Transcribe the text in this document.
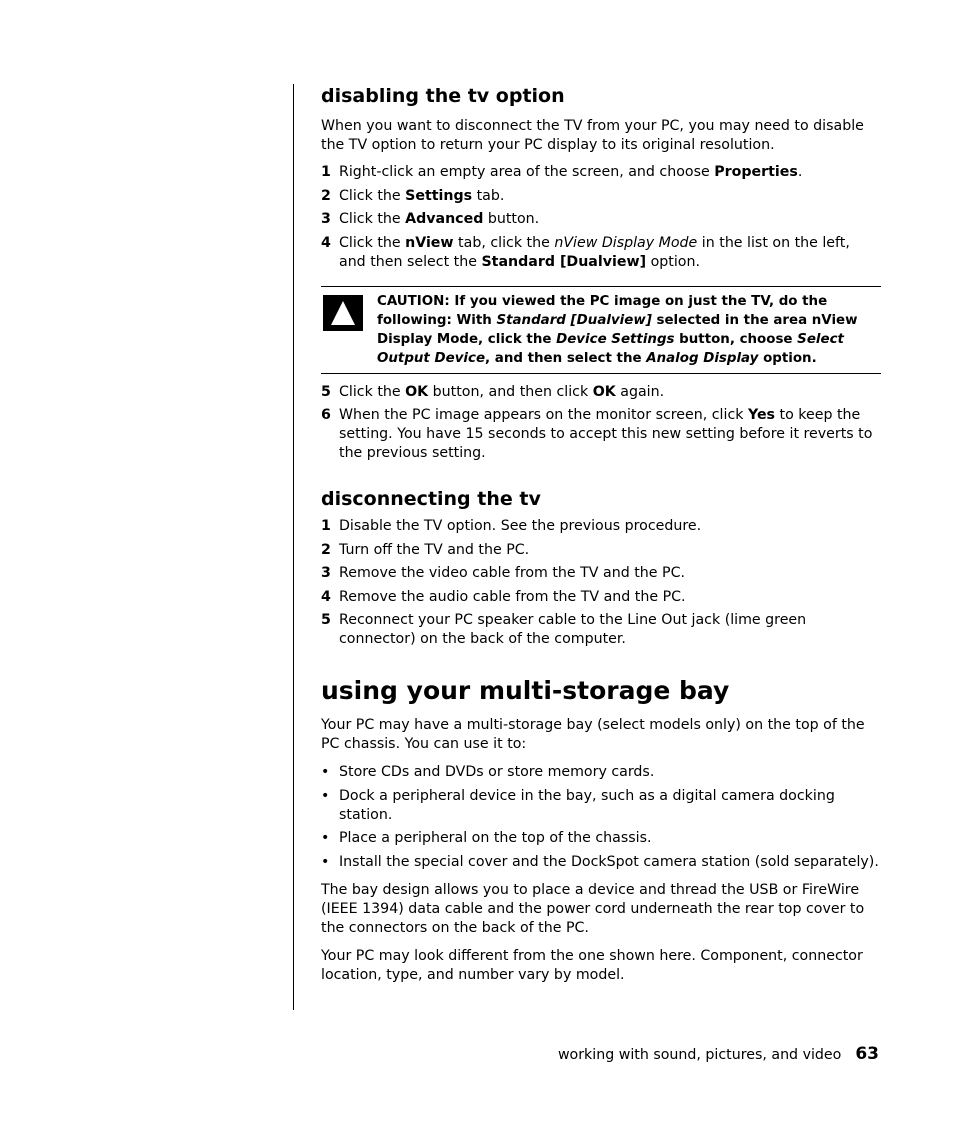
disabling the tv option

When you want to disconnect the TV from your PC, you may need to disable the TV option to return your PC display to its original resolution.

1 Right-click an empty area of the screen, and choose Properties.
2 Click the Settings tab.
3 Click the Advanced button.
4 Click the nView tab, click the nView Display Mode in the list on the left, and then select the Standard [Dualview] option.

CAUTION: If you viewed the PC image on just the TV, do the following: With Standard [Dualview] selected in the area nView Display Mode, click the Device Settings button, choose Select Output Device, and then select the Analog Display option.

5 Click the OK button, and then click OK again.
6 When the PC image appears on the monitor screen, click Yes to keep the setting. You have 15 seconds to accept this new setting before it reverts to the previous setting.
disconnecting the tv
1 Disable the TV option. See the previous procedure.
2 Turn off the TV and the PC.
3 Remove the video cable from the TV and the PC.
4 Remove the audio cable from the TV and the PC.
5 Reconnect your PC speaker cable to the Line Out jack (lime green connector) on the back of the computer.
using your multi-storage bay

Your PC may have a multi-storage bay (select models only) on the top of the PC chassis. You can use it to:

• Store CDs and DVDs or store memory cards.
• Dock a peripheral device in the bay, such as a digital camera docking station.
• Place a peripheral on the top of the chassis.
• Install the special cover and the DockSpot camera station (sold separately).

The bay design allows you to place a device and thread the USB or FireWire (IEEE 1394) data cable and the power cord underneath the rear top cover to the connectors on the back of the PC.

Your PC may look different from the one shown here. Component, connector location, type, and number vary by model.

working with sound, pictures, and video 63
